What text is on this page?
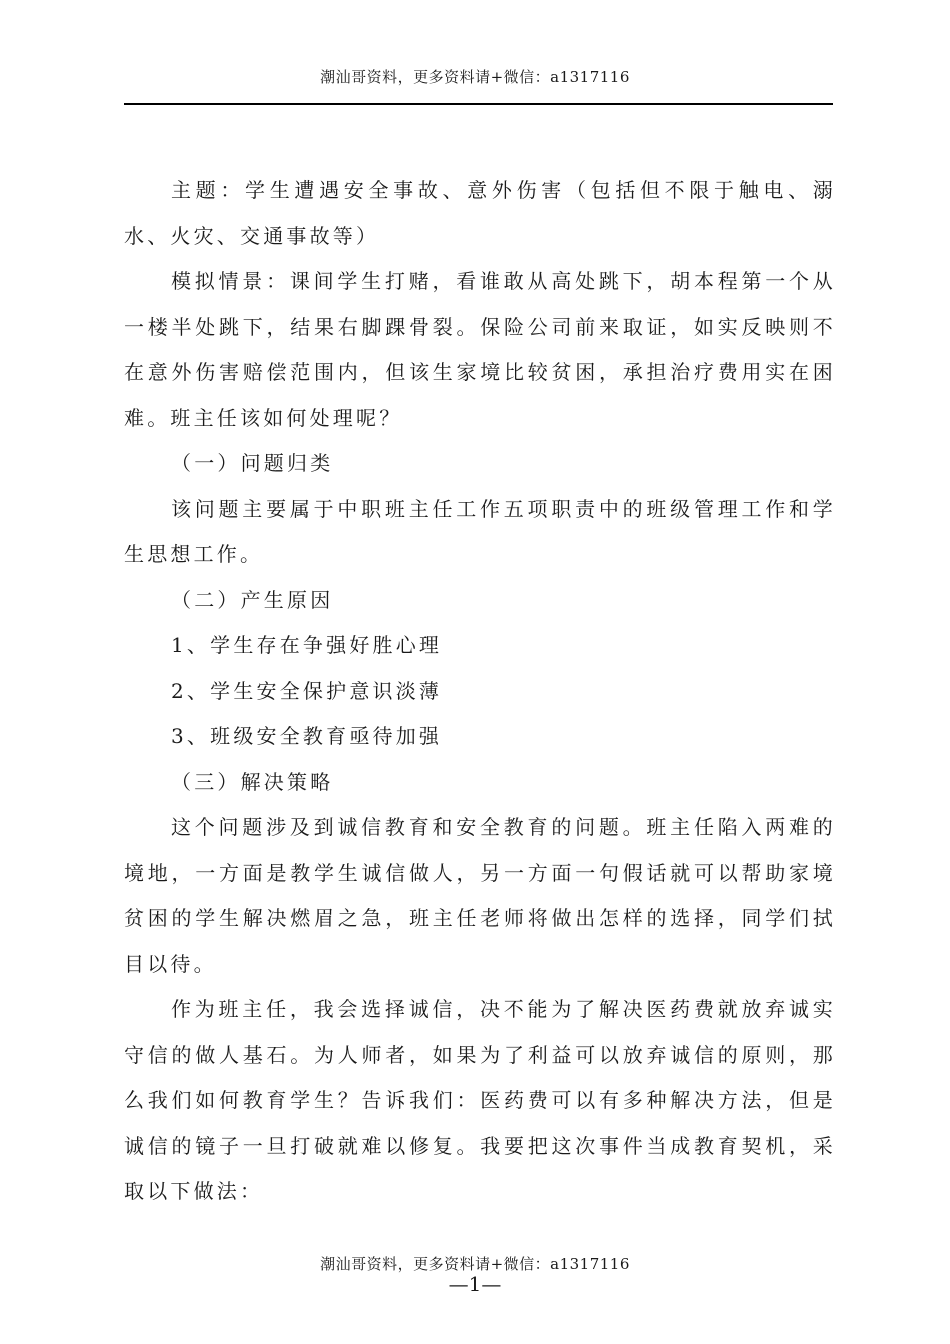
潮汕哥资料，更多资料请+微信：a1317116

主题：学生遭遇安全事故、意外伤害（包括但不限于触电、溺水、火灾、交通事故等）

模拟情景：课间学生打赌，看谁敢从高处跳下，胡本程第一个从一楼半处跳下，结果右脚踝骨裂。保险公司前来取证，如实反映则不在意外伤害赔偿范围内，但该生家境比较贫困，承担治疗费用实在困难。班主任该如何处理呢？

（一）问题归类

该问题主要属于中职班主任工作五项职责中的班级管理工作和学生思想工作。

（二）产生原因

1、学生存在争强好胜心理

2、学生安全保护意识淡薄

3、班级安全教育亟待加强

（三）解决策略

这个问题涉及到诚信教育和安全教育的问题。班主任陷入两难的境地，一方面是教学生诚信做人，另一方面一句假话就可以帮助家境贫困的学生解决燃眉之急，班主任老师将做出怎样的选择，同学们拭目以待。

作为班主任，我会选择诚信，决不能为了解决医药费就放弃诚实守信的做人基石。为人师者，如果为了利益可以放弃诚信的原则，那么我们如何教育学生？告诉我们：医药费可以有多种解决方法，但是诚信的镜子一旦打破就难以修复。我要把这次事件当成教育契机，采取以下做法：

潮汕哥资料，更多资料请+微信：a1317116
—1—
